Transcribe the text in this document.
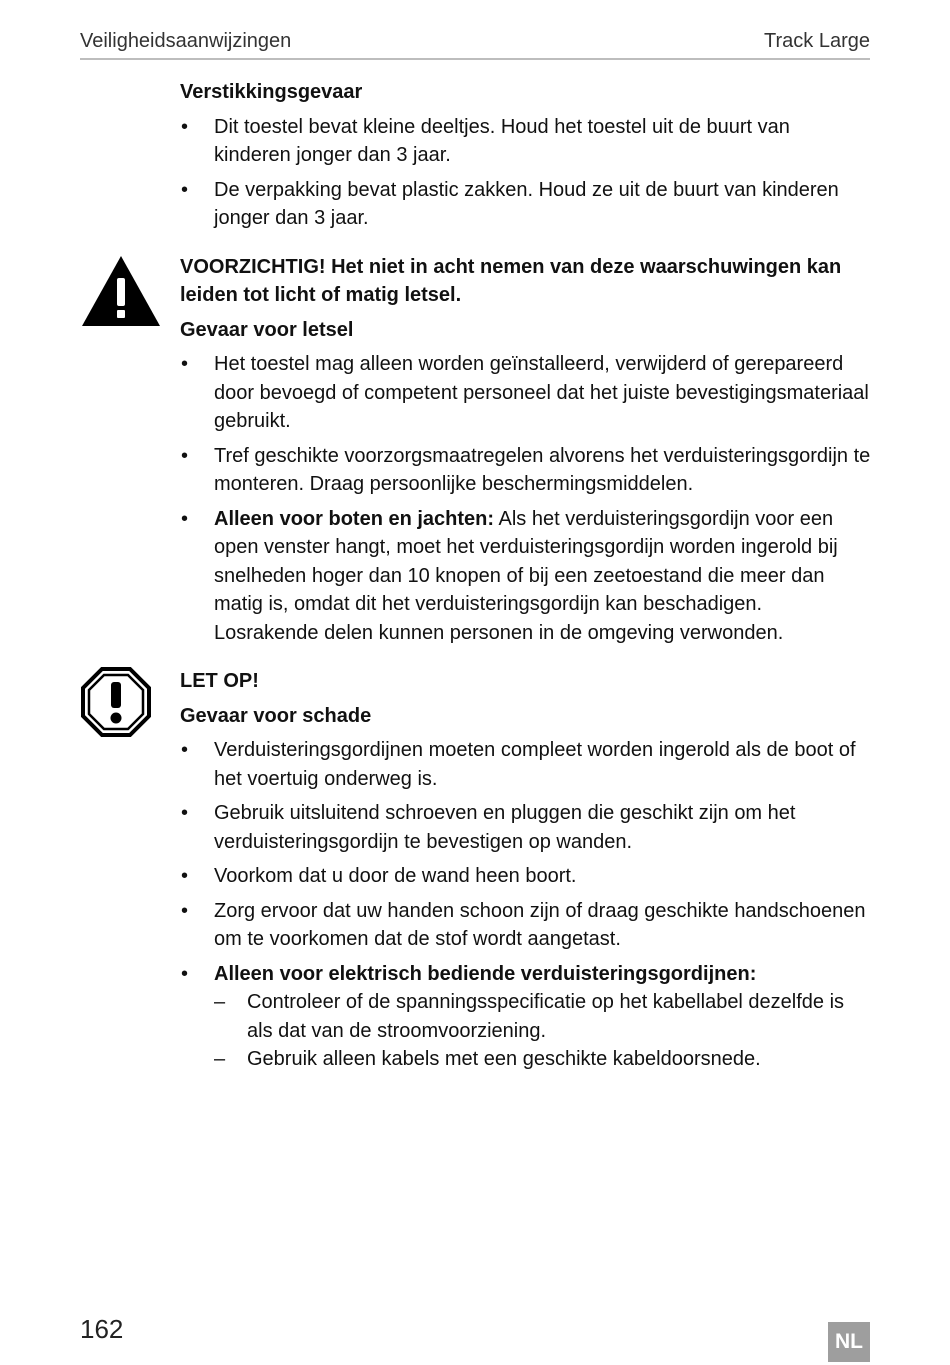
Veiligheidsaanwijzingen	Track Large
Verstikkingsgevaar
• Dit toestel bevat kleine deeltjes. Houd het toestel uit de buurt van kinderen jonger dan 3 jaar.
• De verpakking bevat plastic zakken. Houd ze uit de buurt van kinderen jonger dan 3 jaar.
VOORZICHTIG! Het niet in acht nemen van deze waarschuwingen kan leiden tot licht of matig letsel.
Gevaar voor letsel
• Het toestel mag alleen worden geïnstalleerd, verwijderd of gerepareerd door bevoegd of competent personeel dat het juiste bevestigingsmateriaal gebruikt.
• Tref geschikte voorzorgsmaatregelen alvorens het verduisteringsgordijn te monteren. Draag persoonlijke beschermingsmiddelen.
• Alleen voor boten en jachten: Als het verduisteringsgordijn voor een open venster hangt, moet het verduisteringsgordijn worden ingerold bij snelheden hoger dan 10 knopen of bij een zeetoestand die meer dan matig is, omdat dit het verduisteringsgordijn kan beschadigen. Losrakende delen kunnen personen in de omgeving verwonden.
LET OP!
Gevaar voor schade
• Verduisteringsgordijnen moeten compleet worden ingerold als de boot of het voertuig onderweg is.
• Gebruik uitsluitend schroeven en pluggen die geschikt zijn om het verduisteringsgordijn te bevestigen op wanden.
• Voorkom dat u door de wand heen boort.
• Zorg ervoor dat uw handen schoon zijn of draag geschikte handschoenen om te voorkomen dat de stof wordt aangetast.
• Alleen voor elektrisch bediende verduisteringsgordijnen:
– Controleer of de spanningsspecificatie op het kabellabel dezelfde is als dat van de stroomvoorziening.
– Gebruik alleen kabels met een geschikte kabeldoorsnede.
162	NL
